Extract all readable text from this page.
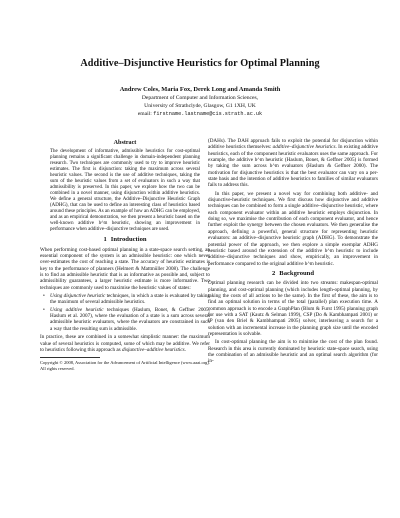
Additive–Disjunctive Heuristics for Optimal Planning
Andrew Coles, Maria Fox, Derek Long and Amanda Smith
Department of Computer and Information Sciences,
University of Strathclyde, Glasgow, G1 1XH, UK
email: firstname.lastname@cis.strath.ac.uk
Abstract

The development of informative, admissible heuristics for cost-optimal planning remains a significant challenge in domain-independent planning research. Two techniques are commonly used to try to improve heuristic estimates. The first is disjunction: taking the maximum across several heuristic values. The second is the use of additive techniques, taking the sum of the heuristic values from a set of evaluators in such a way that admissibility is preserved. In this paper, we explore how the two can be combined in a novel manner, using disjunction within additive heuristics. We define a general structure, the Additive–Disjunctive Heuristic Graph (ADHG), that can be used to define an interesting class of heuristics based around these principles. As an example of how an ADHG can be employed, and as an empirical demonstration, we then present a heuristic based on the well-known additive h^m heuristic, showing an improvement in performance when additive–disjunctive techniques are used.

1 Introduction

When performing cost-based optimal planning in a state-space search setting, an essential component of the system is an admissible heuristic: one which never over-estimates the cost of reaching a state. The accuracy of heuristic estimates is key to the performance of planners (Helmert & Mattmüller 2008). The challenge is to find an admissible heuristic that is as informative as possible and, subject to admissibility guarantees, a larger heuristic estimate is more informative. Two techniques are commonly used to maximise the heuristic values of states:

• Using disjunctive heuristic techniques, in which a state is evaluated by taking the maximum of several admissible heuristics.
• Using additive heuristic techniques (Haslum, Bonet, & Geffner 2005; Haslum et al. 2007), where the evaluation of a state is a sum across several admissible heuristic evaluators, where the evaluators are constrained in such a way that the resulting sum is admissible.

In practice, these are combined in a somewhat simplistic manner: the maximum value of several heuristics is computed, some of which may be additive. We refer to heuristics following this approach as disjunctive–additive heuristics.

Copyright © 2008, Association for the Advancement of Artificial Intelligence (www.aaai.org). All rights reserved.

(DAHs). The DAH approach fails to exploit the potential for disjunction within additive heuristics themselves: additive–disjunctive heuristics. In existing additive heuristics, each of the component heuristic evaluators uses the same approach. For example, the additive h^m heuristic (Haslum, Bonet, & Geffner 2005) is formed by taking the sum across h^m evaluators (Haslum & Geffner 2000). The motivation for disjunctive heuristics is that the best evaluator can vary on a per-state basis and the intention of additive heuristics to families of similar evaluators fails to address this.

In this paper, we present a novel way for combining both additive- and disjunctive-heuristic techniques. We first discuss how disjunctive and additive techniques can be combined to form a single additive–disjunctive heuristic, where each component evaluator within an additive heuristic employs disjunction. In doing so, we maximise the contribution of each component evaluator, and hence further exploit the synergy between the chosen evaluators. We then generalise the approach, defining a powerful, general structure for representing heuristic evaluators: an additive–disjunctive heuristic graph (ADHG). To demonstrate the potential power of the approach, we then explore a simple exemplar ADHG heuristic based around the extension of the additive h^m heuristic to include additive–disjunctive techniques and show, empirically, an improvement in performance compared to the original additive h^m heuristic.

2 Background

Optimal planning research can be divided into two streams: makespan-optimal planning, and cost-optimal planning (which includes length-optimal planning, by taking the costs of all actions to be the same). In the first of these, the aim is to find an optimal solution in terms of the total (parallel) plan execution time. A common approach is to encode a GraphPlan (Blum & Furst 1995) planning graph for use with a SAT (Kautz & Selman 1999), CSP (Do & Kambhampati 2001) or IP (van den Briel & Kambhampati 2005) solver, interleaving a search for a solution with an incremental increase in the planning graph size until the encoded representation is solvable.

In cost-optimal planning the aim is to minimise the cost of the plan found. Research in this area is currently dominated by heuristic state-space search, using the combination of an admissible heuristic and an optimal search algorithm (for in-
